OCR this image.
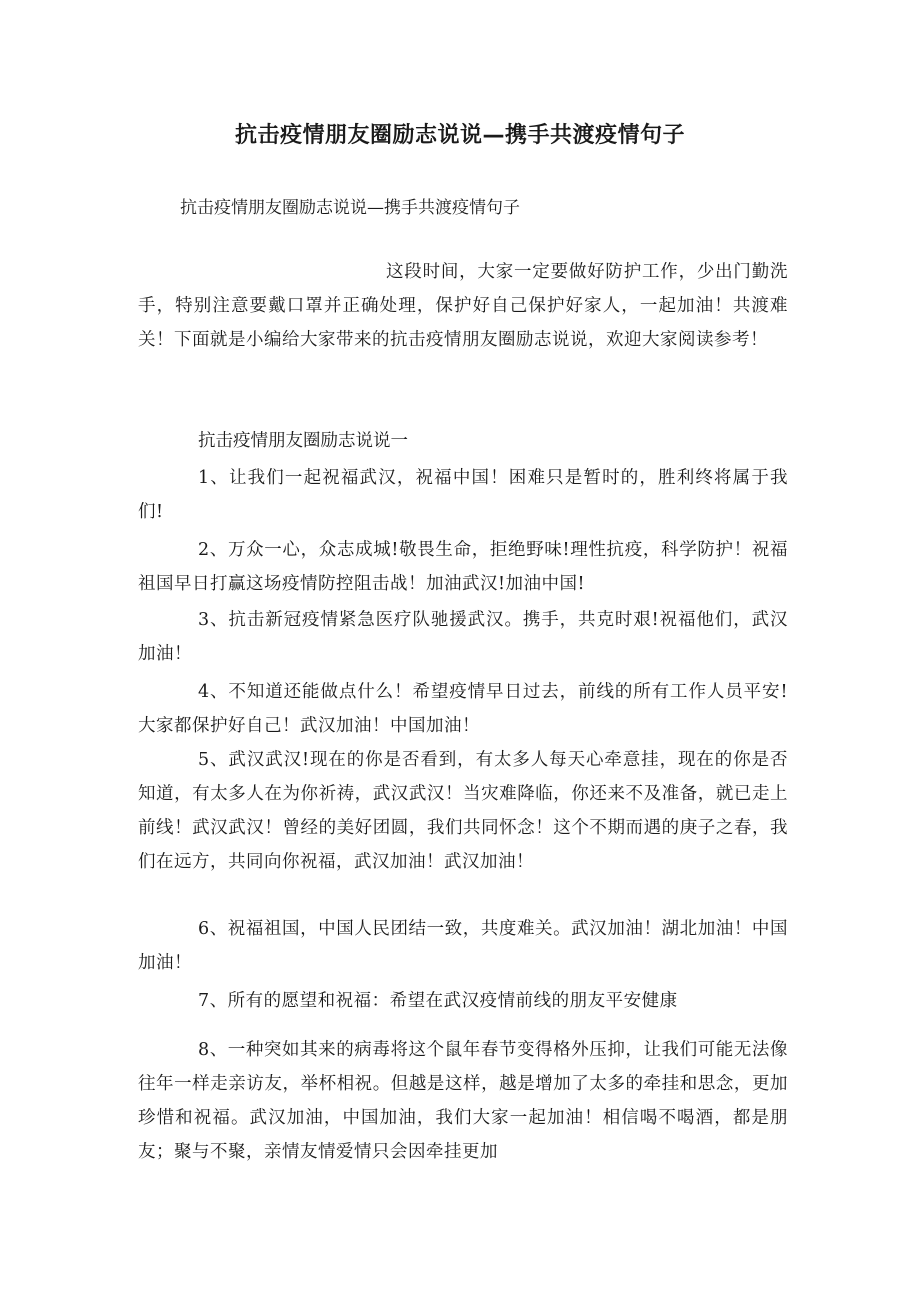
抗击疫情朋友圈励志说说—携手共渡疫情句子

抗击疫情朋友圈励志说说—携手共渡疫情句子

这段时间，大家一定要做好防护工作，少出门勤洗手，特别注意要戴口罩并正确处理，保护好自己保护好家人，一起加油！共渡难关！下面就是小编给大家带来的抗击疫情朋友圈励志说说，欢迎大家阅读参考！

抗击疫情朋友圈励志说说一

1、让我们一起祝福武汉，祝福中国！困难只是暂时的，胜利终将属于我们!

2、万众一心，众志成城!敬畏生命，拒绝野味!理性抗疫，科学防护！祝福祖国早日打赢这场疫情防控阻击战！加油武汉!加油中国!

3、抗击新冠疫情紧急医疗队驰援武汉。携手，共克时艰!祝福他们，武汉加油！

4、不知道还能做点什么！希望疫情早日过去，前线的所有工作人员平安!大家都保护好自己！武汉加油！中国加油！

5、武汉武汉!现在的你是否看到，有太多人每天心牵意挂，现在的你是否知道，有太多人在为你祈祷，武汉武汉！当灾难降临，你还来不及准备，就已走上前线！武汉武汉！曾经的美好团圆，我们共同怀念！这个不期而遇的庚子之春，我们在远方，共同向你祝福，武汉加油！武汉加油！

6、祝福祖国，中国人民团结一致，共度难关。武汉加油！湖北加油！中国加油！

7、所有的愿望和祝福：希望在武汉疫情前线的朋友平安健康

8、一种突如其来的病毒将这个鼠年春节变得格外压抑，让我们可能无法像往年一样走亲访友，举杯相祝。但越是这样，越是增加了太多的牵挂和思念，更加珍惜和祝福。武汉加油，中国加油，我们大家一起加油！相信喝不喝酒，都是朋友；聚与不聚，亲情友情爱情只会因牵挂更加
